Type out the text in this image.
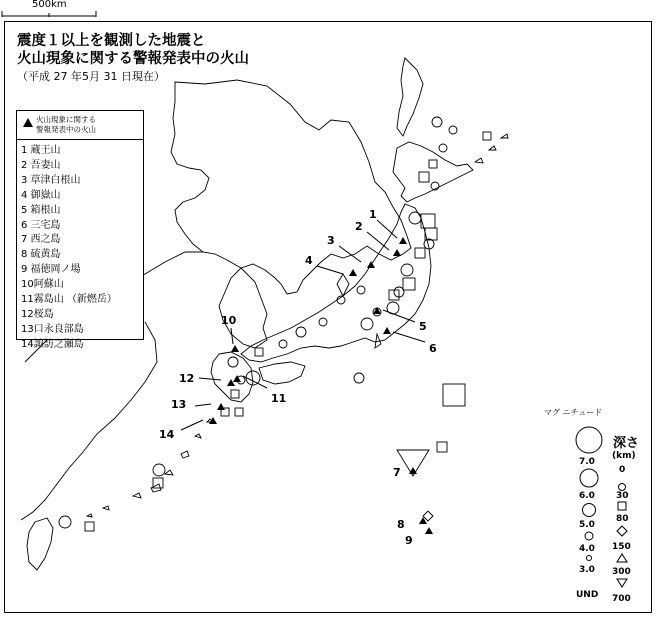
500km
1
2
3
4
5
6
7
8
9
10
11
12
13
14
7.0
6.0
5.0
4.0
3.0
UND
(km)
0
30
80
150
300
700
震度１以上を観測した地震と
火山現象に関する警報発表中の火山
（平成 27 年5月 31 日現在）
火山現象に関する
警報発表中の火山
1 蔵王山
2 吾妻山
3 草津白根山
4 御嶽山
5 箱根山
6 三宅島
7 西之島
8 硫黄島
9 福徳岡ノ場
10阿蘇山
11霧島山 （新燃岳）
12桜島
13口永良部島
14諏訪之瀬島
マグ ニチュード
深さ
